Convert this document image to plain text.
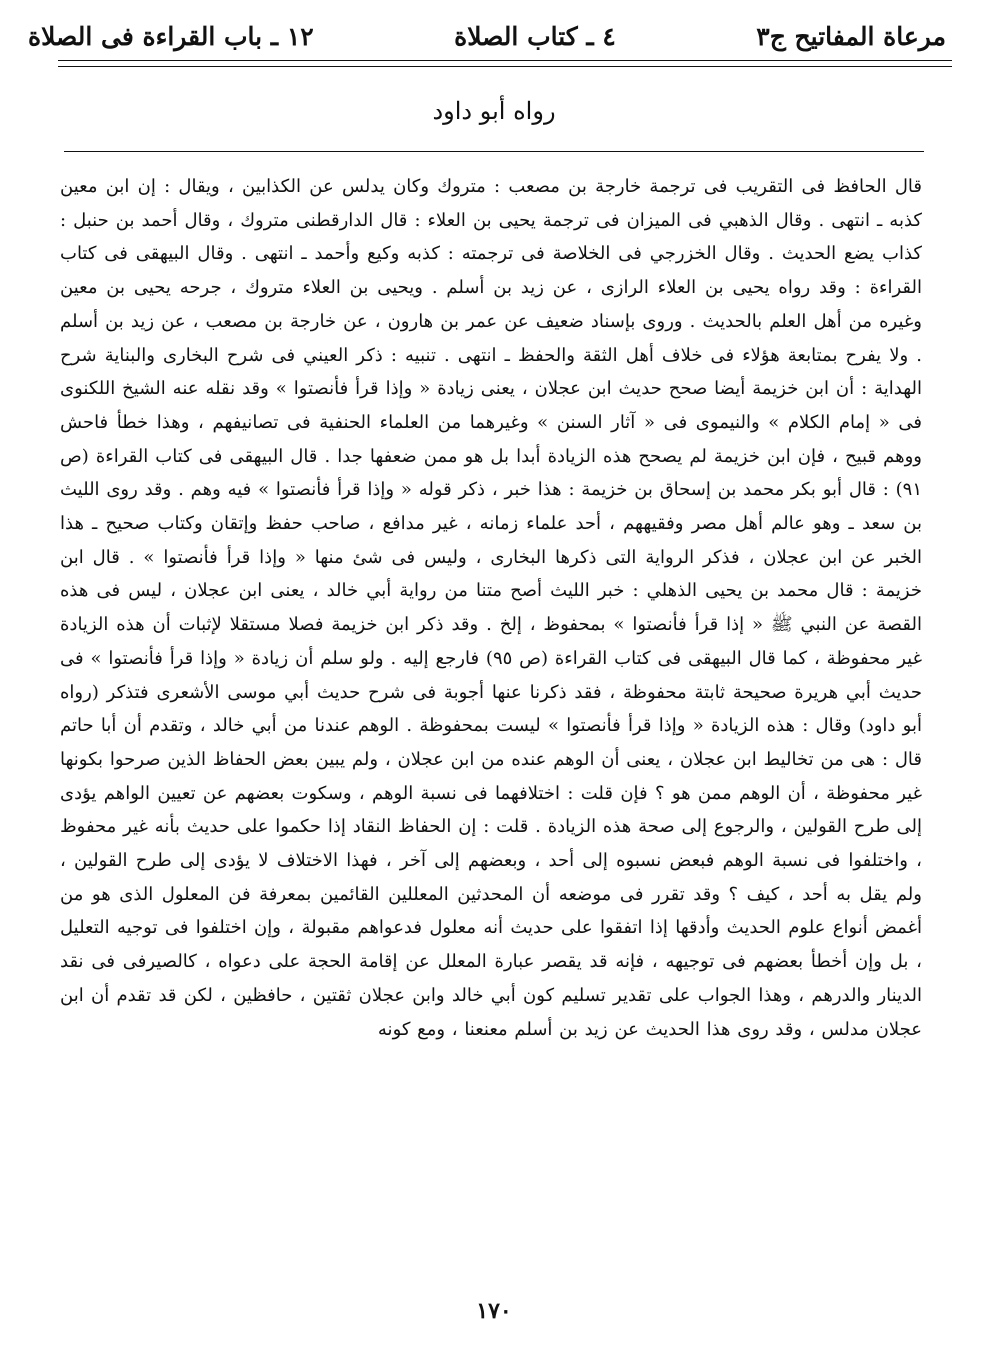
مرعاة المفاتيح ج٣
٤ ـ كتاب الصلاة
١٢ ـ باب القراءة فى الصلاة
رواه أبو داود

قال الحافظ فى التقريب فى ترجمة خارجة بن مصعب : متروك وكان يدلس عن الكذابين ، ويقال : إن ابن معين كذبه ـ انتهى . وقال الذهبي فى الميزان فى ترجمة يحيى بن العلاء : قال الدارقطنى متروك ، وقال أحمد بن حنبل : كذاب يضع الحديث . وقال الخزرجي فى الخلاصة فى ترجمته : كذبه وكيع وأحمد ـ انتهى . وقال البيهقى فى كتاب القراءة : وقد رواه يحيى بن العلاء الرازى ، عن زيد بن أسلم . ويحيى بن العلاء متروك ، جرحه يحيى بن معين وغيره من أهل العلم بالحديث . وروى بإسناد ضعيف عن عمر بن هارون ، عن خارجة بن مصعب ، عن زيد بن أسلم . ولا يفرح بمتابعة هؤلاء فى خلاف أهل الثقة والحفظ ـ انتهى . تنبيه : ذكر العيني فى شرح البخارى والبناية شرح الهداية : أن ابن خزيمة أيضا صحح حديث ابن عجلان ، يعنى زيادة « وإذا قرأ فأنصتوا » وقد نقله عنه الشيخ اللكنوى فى « إمام الكلام » والنيموى فى « آثار السنن » وغيرهما من العلماء الحنفية فى تصانيفهم ، وهذا خطأ فاحش ووهم قبيح ، فإن ابن خزيمة لم يصحح هذه الزيادة أبدا بل هو ممن ضعفها جدا . قال البيهقى فى كتاب القراءة (ص ٩١) : قال أبو بكر محمد بن إسحاق بن خزيمة : هذا خبر ، ذكر قوله « وإذا قرأ فأنصتوا » فيه وهم . وقد روى الليث بن سعد ـ وهو عالم أهل مصر وفقيههم ، أحد علماء زمانه ، غير مدافع ، صاحب حفظ وإتقان وكتاب صحيح ـ هذا الخبر عن ابن عجلان ، فذكر الرواية التى ذكرها البخارى ، وليس فى شئ منها « وإذا قرأ فأنصتوا » . قال ابن خزيمة : قال محمد بن يحيى الذهلي : خبر الليث أصح متنا من رواية أبي خالد ، يعنى ابن عجلان ، ليس فى هذه القصة عن النبي ﷺ « إذا قرأ فأنصتوا » بمحفوظ ، إلخ . وقد ذكر ابن خزيمة فصلا مستقلا لإثبات أن هذه الزيادة غير محفوظة ، كما قال البيهقى فى كتاب القراءة (ص ٩٥) فارجع إليه . ولو سلم أن زيادة « وإذا قرأ فأنصتوا » فى حديث أبي هريرة صحيحة ثابتة محفوظة ، فقد ذكرنا عنها أجوبة فى شرح حديث أبي موسى الأشعرى فتذكر (رواه أبو داود) وقال : هذه الزيادة « وإذا قرأ فأنصتوا » ليست بمحفوظة . الوهم عندنا من أبي خالد ، وتقدم أن أبا حاتم قال : هى من تخاليط ابن عجلان ، يعنى أن الوهم عنده من ابن عجلان ، ولم يبين بعض الحفاظ الذين صرحوا بكونها غير محفوظة ، أن الوهم ممن هو ؟ فإن قلت : اختلافهما فى نسبة الوهم ، وسكوت بعضهم عن تعيين الواهم يؤدى إلى طرح القولين ، والرجوع إلى صحة هذه الزيادة . قلت : إن الحفاظ النقاد إذا حكموا على حديث بأنه غير محفوظ ، واختلفوا فى نسبة الوهم فبعض نسبوه إلى أحد ، وبعضهم إلى آخر ، فهذا الاختلاف لا يؤدى إلى طرح القولين ، ولم يقل به أحد ، كيف ؟ وقد تقرر فى موضعه أن المحدثين المعللين القائمين بمعرفة فن المعلول الذى هو من أغمض أنواع علوم الحديث وأدقها إذا اتفقوا على حديث أنه معلول فدعواهم مقبولة ، وإن اختلفوا فى توجيه التعليل ، بل وإن أخطأ بعضهم فى توجيهه ، فإنه قد يقصر عبارة المعلل عن إقامة الحجة على دعواه ، كالصيرفى فى نقد الدينار والدرهم ، وهذا الجواب على تقدير تسليم كون أبي خالد وابن عجلان ثقتين ، حافظين ، لكن قد تقدم أن ابن عجلان مدلس ، وقد روى هذا الحديث عن زيد بن أسلم معنعنا ، ومع كونه

١٧٠
